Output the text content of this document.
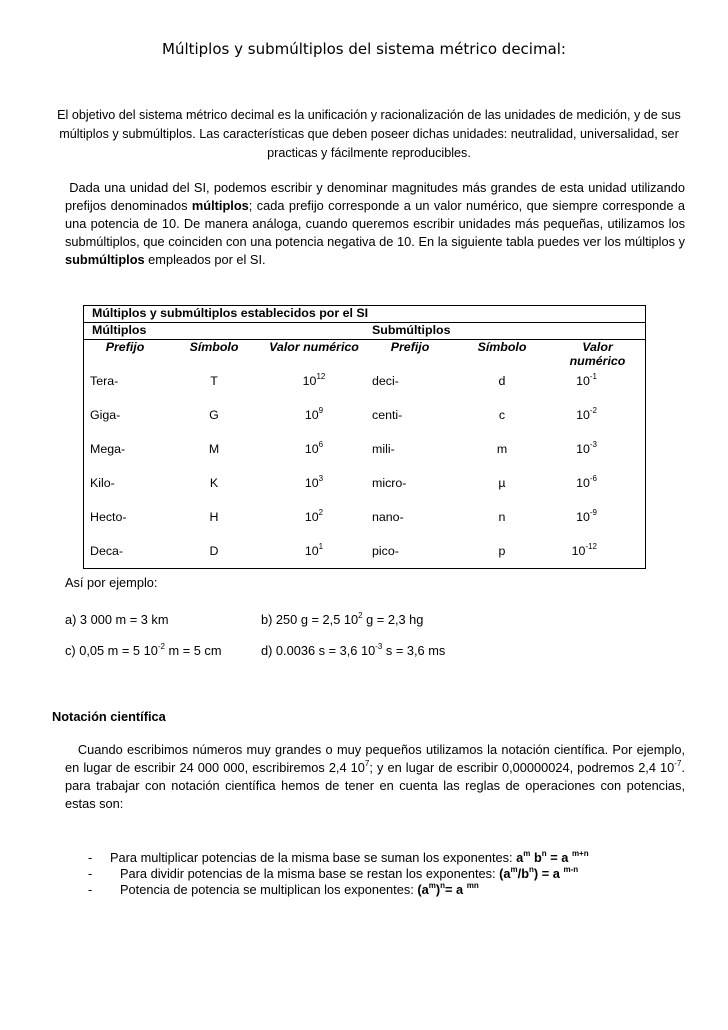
Múltiplos y submúltiplos del sistema métrico decimal:
El objetivo del sistema métrico decimal es la unificación y racionalización de las unidades de medición, y de sus múltiplos y submúltiplos. Las características que deben poseer dichas unidades: neutralidad, universalidad, ser practicas y fácilmente reproducibles.
Dada una unidad del SI, podemos escribir y denominar magnitudes más grandes de esta unidad utilizando prefijos denominados múltiplos; cada prefijo corresponde a un valor numérico, que siempre corresponde a una potencia de 10. De manera análoga, cuando queremos escribir unidades más pequeñas, utilizamos los submúltiplos, que coinciden con una potencia negativa de 10. En la siguiente tabla puedes ver los múltiplos y submúltiplos empleados por el SI.
Múltiplos y submúltiplos establecidos por el SI					
Múltiplos			Submúltiplos		
Prefijo	Símbolo	Valor numérico	Prefijo	Símbolo	Valor numérico
Tera-	T	$10^{12}$	deci-	d	$10^{-1}$
Giga-	G	$10^9$	centi-	c	$10^{-2}$
Mega-	M	$10^6$	mili-	m	$10^{-3}$
Kilo-	K	$10^3$	micro-	µ	$10^{-6}$
Hecto-	H	$10^2$	nano-	n	$10^{-9}$
Deca-	D	$10^1$	pico-	p	$10^{-12}$
Así por ejemplo:
a) 3 000 m = 3 km	b) 250 g = 2,5 $10^2$ g = 2,3 hg
c) 0,05 m = 5 $10^{-2}$ m = 5 cm	d) 0.0036 s = 3,6 $10^{-3}$ s = 3,6 ms
Notación científica
Cuando escribimos números muy grandes o muy pequeños utilizamos la notación científica. Por ejemplo, en lugar de escribir 24 000 000, escribiremos 2,4 $10^7$; y en lugar de escribir 0,00000024, podremos 2,4 $10^{-7}$. para trabajar con notación científica hemos de tener en cuenta las reglas de operaciones con potencias, estas son:
- Para multiplicar potencias de la misma base se suman los exponentes: $a^m$ $b^n = a$ $^{m+n}$
- Para dividir potencias de la misma base se restan los exponentes: $(a^m/b^n) = a$ $^{m-n}$
- Potencia de potencia se multiplican los exponentes: $(a^m)^n= a$ $^{mn}$
